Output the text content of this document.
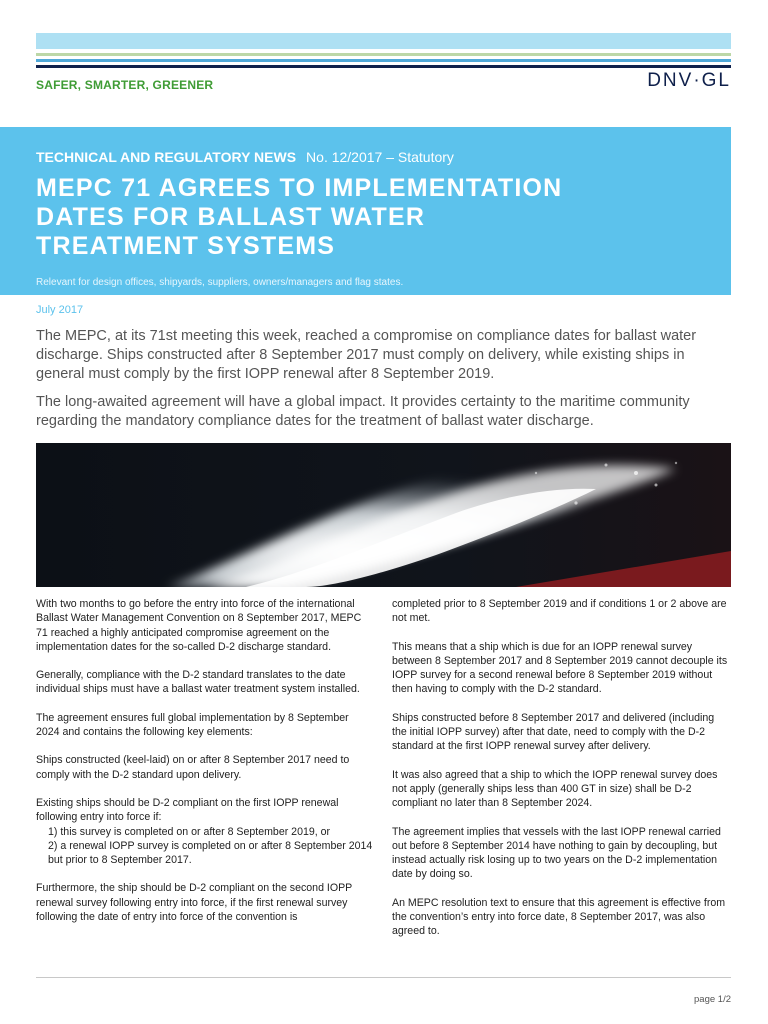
SAFER, SMARTER, GREENER	DNV·GL
TECHNICAL AND REGULATORY NEWS No. 12/2017 – Statutory
MEPC 71 AGREES TO IMPLEMENTATION
DATES FOR BALLAST WATER
TREATMENT SYSTEMS
Relevant for design offices, shipyards, suppliers, owners/managers and flag states.
July 2017

The MEPC, at its 71st meeting this week, reached a compromise on compliance dates for ballast water discharge. Ships constructed after 8 September 2017 must comply on delivery, while existing ships in general must comply by the first IOPP renewal after 8 September 2019.

The long-awaited agreement will have a global impact. It provides certainty to the maritime community regarding the mandatory compliance dates for the treatment of ballast water discharge.

With two months to go before the entry into force of the international Ballast Water Management Convention on 8 September 2017, MEPC 71 reached a highly anticipated compromise agreement on the implementation dates for the so-called D-2 discharge standard.

Generally, compliance with the D-2 standard translates to the date individual ships must have a ballast water treatment system installed.

The agreement ensures full global implementation by 8 September 2024 and contains the following key elements:

Ships constructed (keel-laid) on or after 8 September 2017 need to comply with the D-2 standard upon delivery.

Existing ships should be D-2 compliant on the first IOPP renewal following entry into force if:

1) this survey is completed on or after 8 September 2019, or

2) a renewal IOPP survey is completed on or after 8 September 2014 but prior to 8 September 2017.

Furthermore, the ship should be D-2 compliant on the second IOPP renewal survey following entry into force, if the first renewal survey following the date of entry into force of the convention is

completed prior to 8 September 2019 and if conditions 1 or 2 above are not met.

This means that a ship which is due for an IOPP renewal survey between 8 September 2017 and 8 September 2019 cannot decouple its IOPP survey for a second renewal before 8 September 2019 without then having to comply with the D-2 standard.

Ships constructed before 8 September 2017 and delivered (including the initial IOPP survey) after that date, need to comply with the D-2 standard at the first IOPP renewal survey after delivery.

It was also agreed that a ship to which the IOPP renewal survey does not apply (generally ships less than 400 GT in size) shall be D-2 compliant no later than 8 September 2024.

The agreement implies that vessels with the last IOPP renewal carried out before 8 September 2014 have nothing to gain by decoupling, but instead actually risk losing up to two years on the D-2 implementation date by doing so.

An MEPC resolution text to ensure that this agreement is effective from the convention’s entry into force date, 8 September 2017, was also agreed to.

page 1/2
